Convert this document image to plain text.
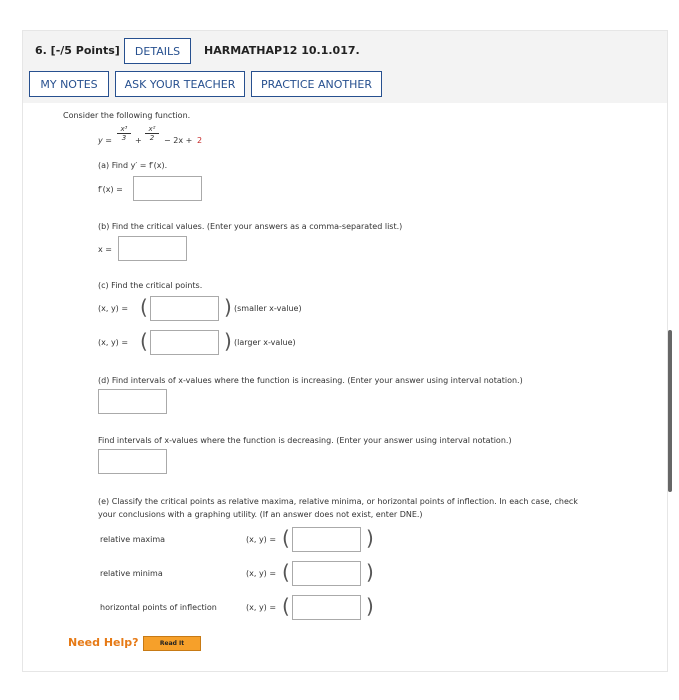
6. [-/5 Points]	DETAILS	HARMATHAP12 10.1.017.
MY NOTES	ASK YOUR TEACHER	PRACTICE ANOTHER
Consider the following function.
$y = \frac{\text{x³}}{3} + \frac{\text{x²}}{2} - 2x + 2$
(a) Find y′ = f′(x).
f′(x) =
(b) Find the critical values. (Enter your answers as a comma-separated list.)
x =
(c) Find the critical points.
(x, y) = (	) (smaller x-value)
(x, y) = (	) (larger x-value)
(d) Find intervals of x-values where the function is increasing. (Enter your answer using interval notation.)
Find intervals of x-values where the function is decreasing. (Enter your answer using interval notation.)
(e) Classify the critical points as relative maxima, relative minima, or horizontal points of inflection. In each case, check
your conclusions with a graphing utility. (If an answer does not exist, enter DNE.)
relative maxima	(x, y) = (	)
relative minima	(x, y) = (	)
horizontal points of inflection	(x, y) = (	)
Need Help?	Read It
